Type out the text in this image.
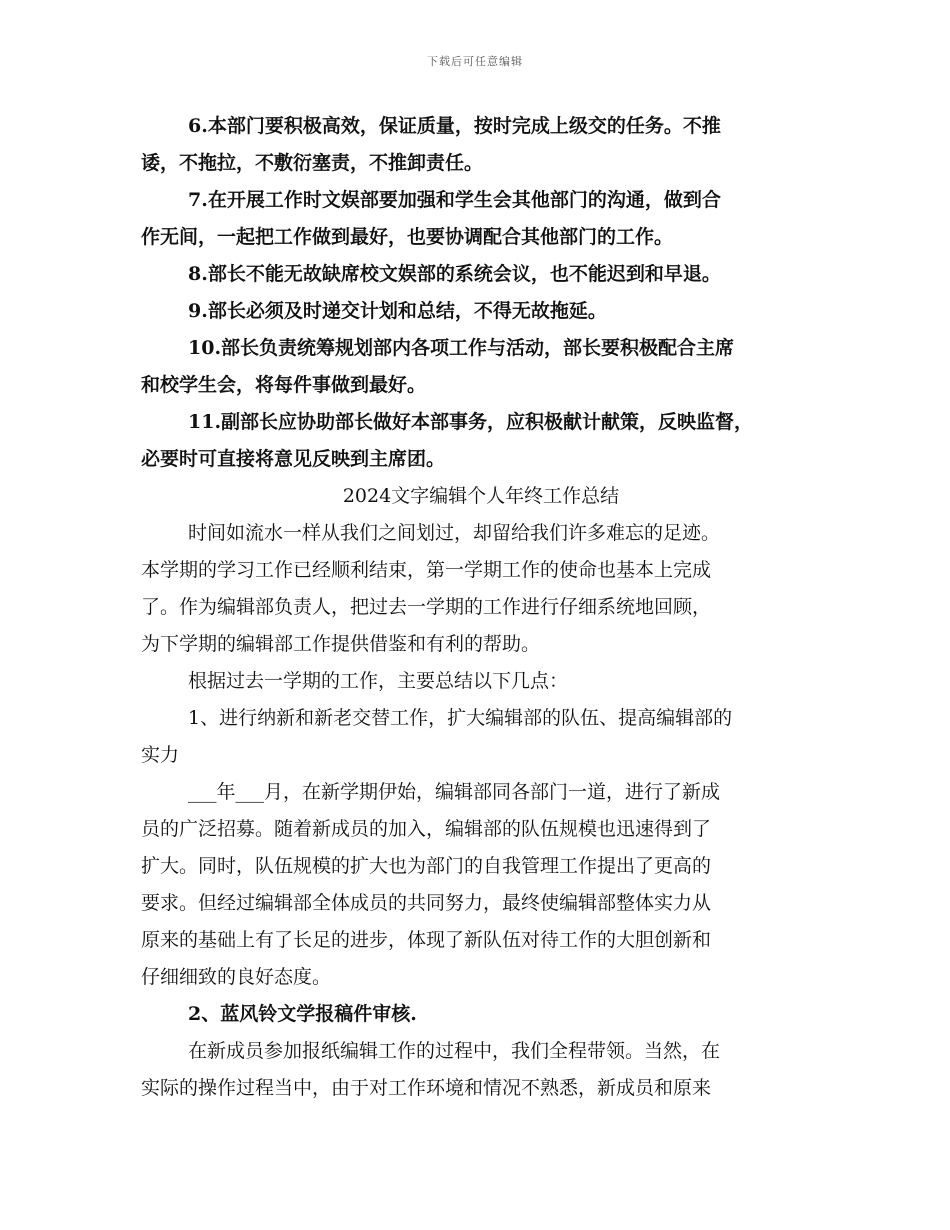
下载后可任意编辑

6.本部门要积极高效，保证质量，按时完成上级交的任务。不推

诿，不拖拉，不敷衍塞责，不推卸责任。

7.在开展工作时文娱部要加强和学生会其他部门的沟通，做到合

作无间，一起把工作做到最好，也要协调配合其他部门的工作。

8.部长不能无故缺席校文娱部的系统会议，也不能迟到和早退。

9.部长必须及时递交计划和总结，不得无故拖延。

10.部长负责统筹规划部内各项工作与活动，部长要积极配合主席

和校学生会，将每件事做到最好。

11.副部长应协助部长做好本部事务，应积极献计献策，反映监督，

必要时可直接将意见反映到主席团。

2024文字编辑个人年终工作总结

时间如流水一样从我们之间划过，却留给我们许多难忘的足迹。

本学期的学习工作已经顺利结束，第一学期工作的使命也基本上完成

了。作为编辑部负责人，把过去一学期的工作进行仔细系统地回顾，

为下学期的编辑部工作提供借鉴和有利的帮助。

根据过去一学期的工作，主要总结以下几点：

1、进行纳新和新老交替工作，扩大编辑部的队伍、提高编辑部的

实力

___年___月，在新学期伊始，编辑部同各部门一道，进行了新成

员的广泛招募。随着新成员的加入，编辑部的队伍规模也迅速得到了

扩大。同时，队伍规模的扩大也为部门的自我管理工作提出了更高的

要求。但经过编辑部全体成员的共同努力，最终使编辑部整体实力从

原来的基础上有了长足的进步，体现了新队伍对待工作的大胆创新和

仔细细致的良好态度。

2、蓝风铃文学报稿件审核.

在新成员参加报纸编辑工作的过程中，我们全程带领。当然，在

实际的操作过程当中，由于对工作环境和情况不熟悉，新成员和原来
